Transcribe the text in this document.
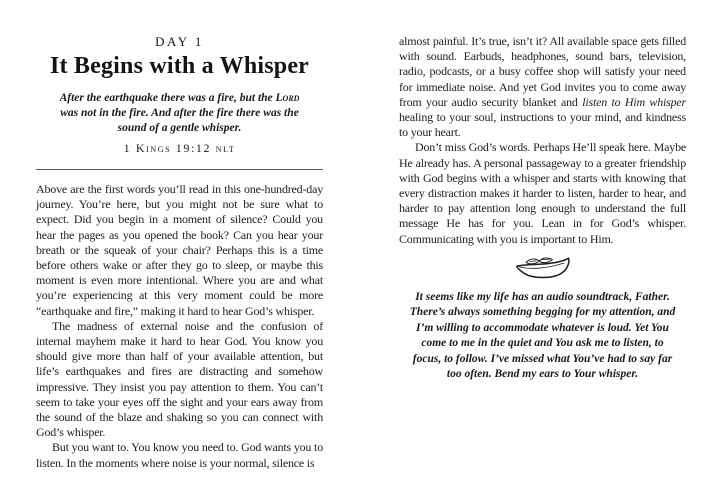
DAY 1
It Begins with a Whisper
After the earthquake there was a fire, but the Lord was not in the fire. And after the fire there was the sound of a gentle whisper.
1 Kings 19:12 nlt

Above are the first words you’ll read in this one-hundred-day journey. You’re here, but you might not be sure what to expect. Did you begin in a moment of silence? Could you hear the pages as you opened the book? Can you hear your breath or the squeak of your chair? Perhaps this is a time before others wake or after they go to sleep, or maybe this moment is even more intentional. Where you are and what you’re experiencing at this very moment could be more “earthquake and fire,” making it hard to hear God’s whisper.

The madness of external noise and the confusion of internal mayhem make it hard to hear God. You know you should give more than half of your available attention, but life’s earthquakes and fires are distracting and somehow impressive. They insist you pay attention to them. You can’t seem to take your eyes off the sight and your ears away from the sound of the blaze and shaking so you can connect with God’s whisper.

But you want to. You know you need to. God wants you to listen. In the moments where noise is your normal, silence is

almost painful. It’s true, isn’t it? All available space gets filled with sound. Earbuds, headphones, sound bars, television, radio, podcasts, or a busy coffee shop will satisfy your need for immediate noise. And yet God invites you to come away from your audio security blanket and listen to Him whisper healing to your soul, instructions to your mind, and kindness to your heart.

Don’t miss God’s words. Perhaps He’ll speak here. Maybe He already has. A personal passageway to a greater friendship with God begins with a whisper and starts with knowing that every distraction makes it harder to listen, harder to hear, and harder to pay attention long enough to understand the full message He has for you. Lean in for God’s whisper. Communicating with you is important to Him.

It seems like my life has an audio soundtrack, Father. There’s always something begging for my attention, and I’m willing to accommodate whatever is loud. Yet You come to me in the quiet and You ask me to listen, to focus, to follow. I’ve missed what You’ve had to say far too often. Bend my ears to Your whisper.
